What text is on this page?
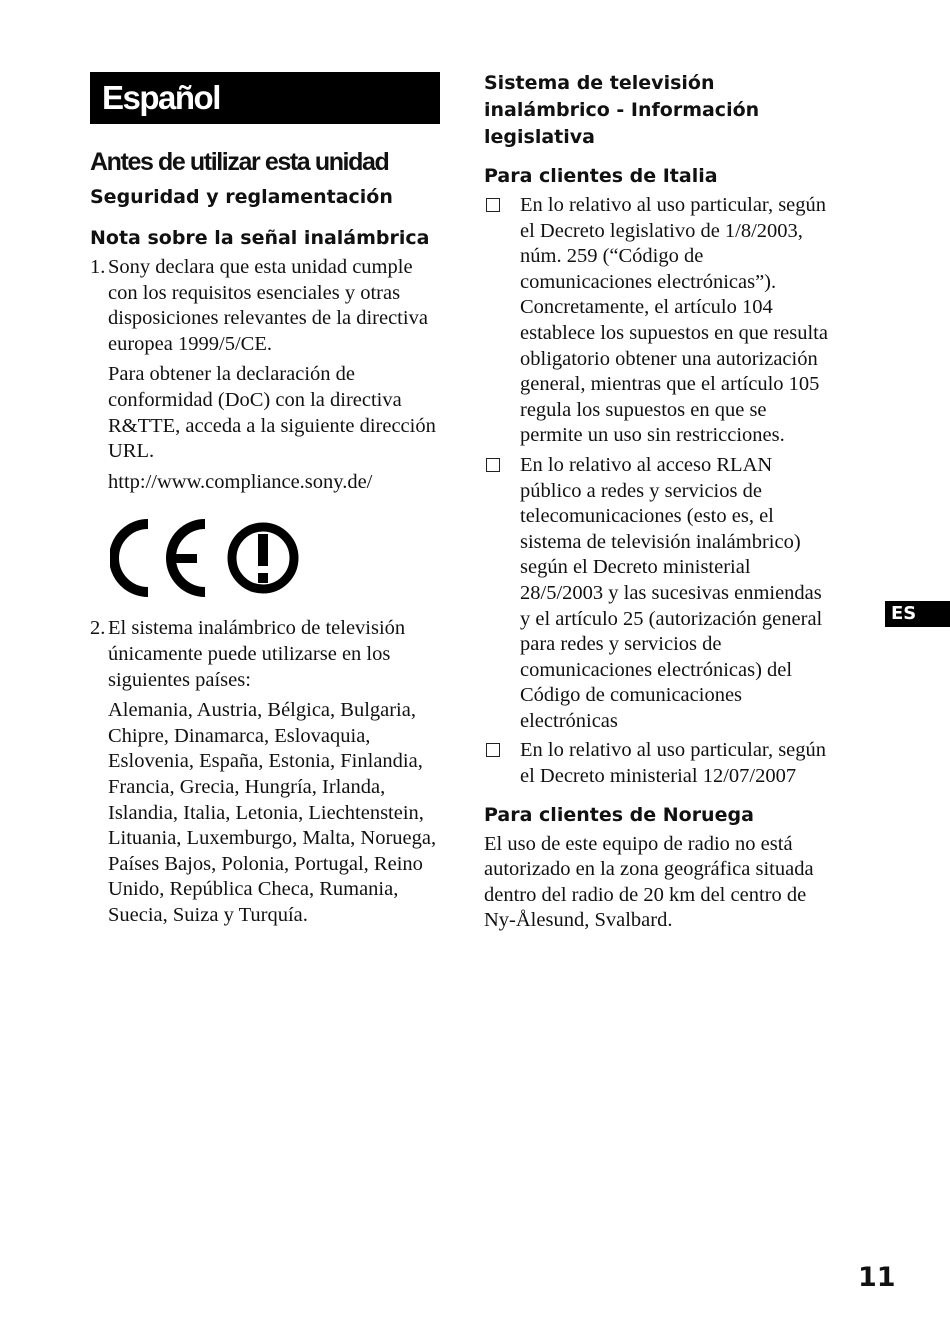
Español
Antes de utilizar esta unidad
Seguridad y reglamentación
Nota sobre la señal inalámbrica
1. Sony declara que esta unidad cumple con los requisitos esenciales y otras disposiciones relevantes de la directiva europea 1999/5/CE.

Para obtener la declaración de conformidad (DoC) con la directiva R&TTE, acceda a la siguiente dirección URL.

http://www.compliance.sony.de/

2. El sistema inalámbrico de televisión únicamente puede utilizarse en los siguientes países:

Alemania, Austria, Bélgica, Bulgaria, Chipre, Dinamarca, Eslovaquia, Eslovenia, España, Estonia, Finlandia, Francia, Grecia, Hungría, Irlanda, Islandia, Italia, Letonia, Liechtenstein, Lituania, Luxemburgo, Malta, Noruega, Países Bajos, Polonia, Portugal, Reino Unido, República Checa, Rumania, Suecia, Suiza y Turquía.

Sistema de televisión inalámbrico - Información legislativa
Para clientes de Italia
En lo relativo al uso particular, según el Decreto legislativo de 1/8/2003, núm. 259 (“Código de comunicaciones electrónicas”). Concretamente, el artículo 104 establece los supuestos en que resulta obligatorio obtener una autorización general, mientras que el artículo 105 regula los supuestos en que se permite un uso sin restricciones.
En lo relativo al acceso RLAN público a redes y servicios de telecomunicaciones (esto es, el sistema de televisión inalámbrico) según el Decreto ministerial 28/5/2003 y las sucesivas enmiendas y el artículo 25 (autorización general para redes y servicios de comunicaciones electrónicas) del Código de comunicaciones electrónicas
En lo relativo al uso particular, según el Decreto ministerial 12/07/2007
Para clientes de Noruega

El uso de este equipo de radio no está autorizado en la zona geográfica situada dentro del radio de 20 km del centro de Ny-Ålesund, Svalbard.

ES
11
